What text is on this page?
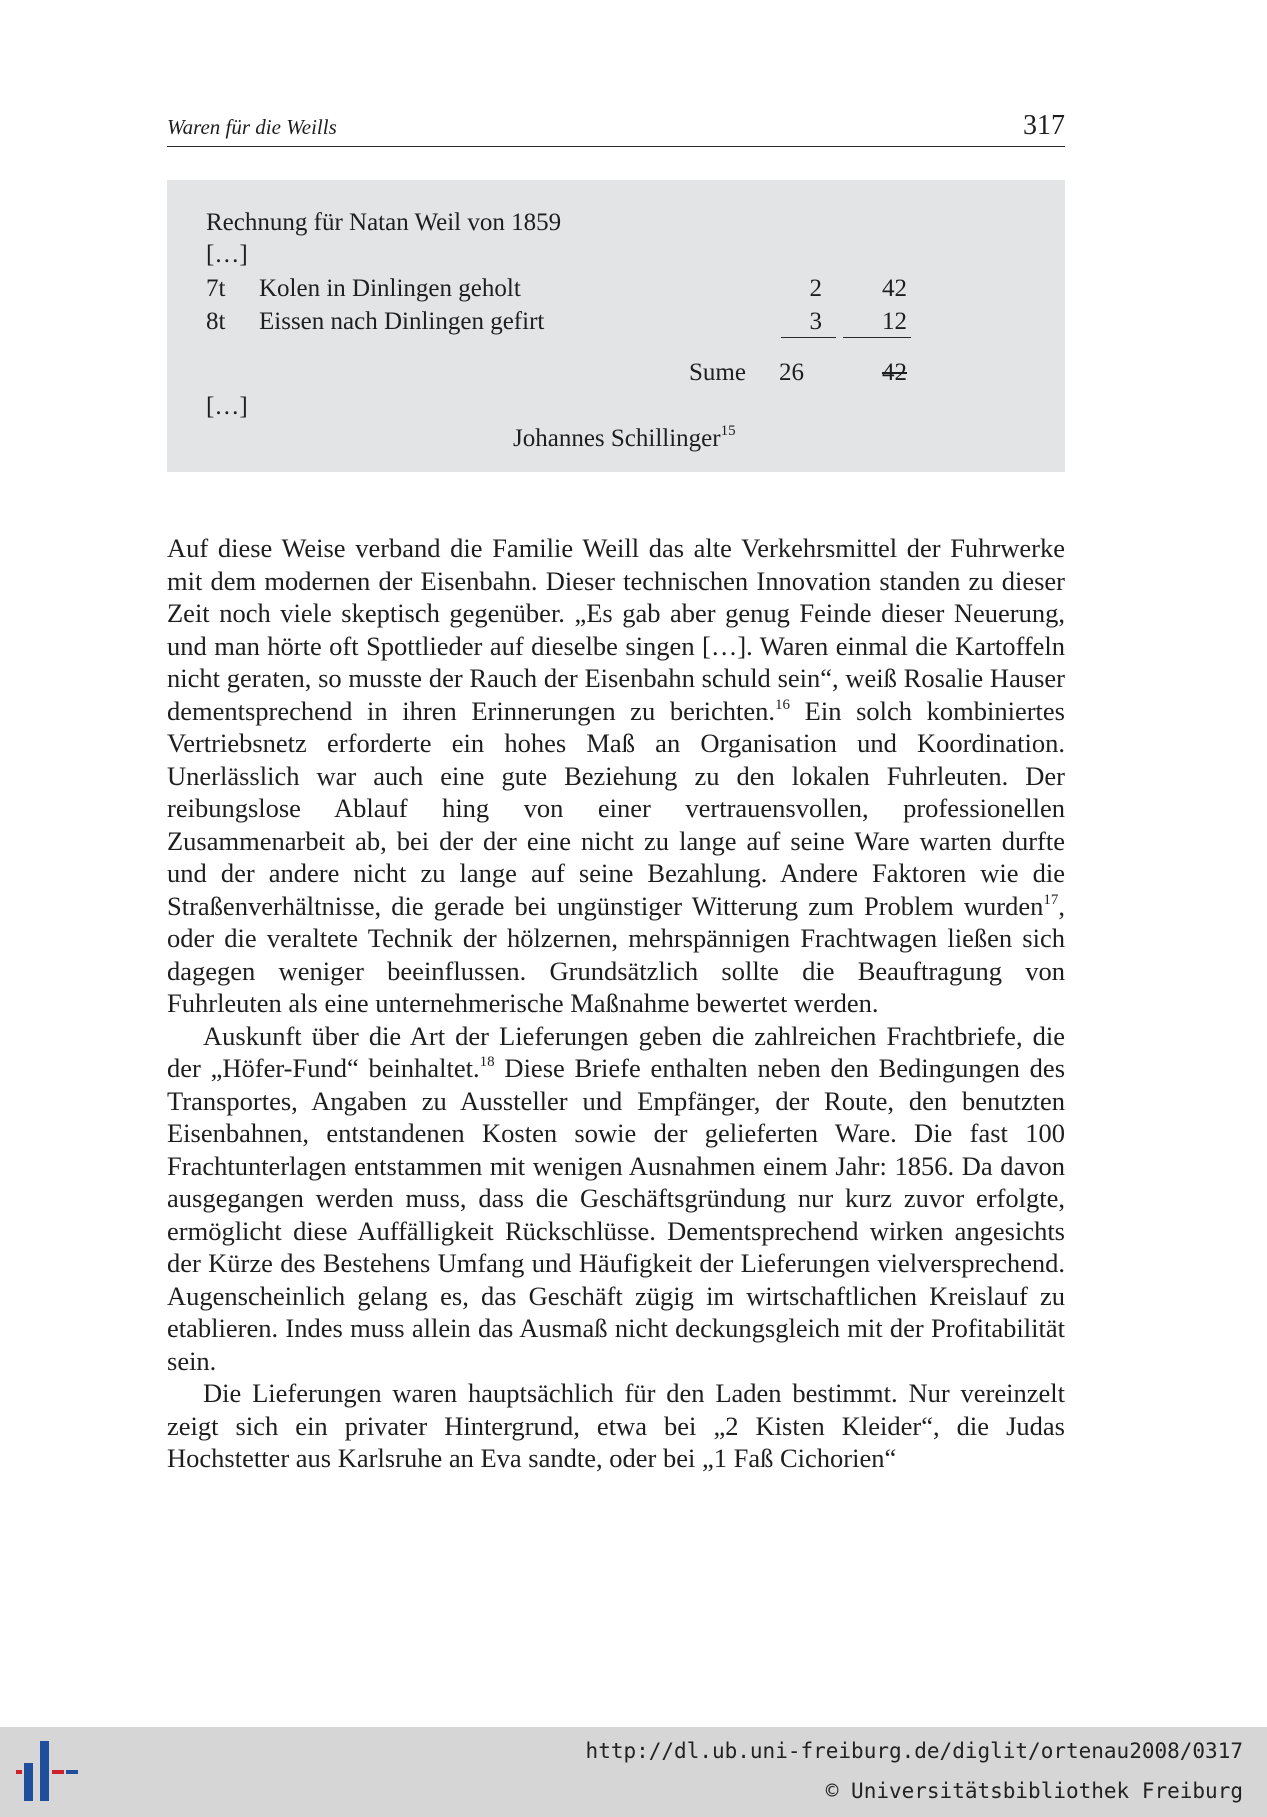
Waren für die Weills	317
Rechnung für Natan Weil von 1859
[…]
7t Kolen in Dinlingen geholt	2	42
8t Eissen nach Dinlingen gefirt	3	12
Sume 26	42
[…]
Johannes Schillinger$^{15}$

Auf diese Weise verband die Familie Weill das alte Verkehrsmittel der Fuhrwerke mit dem modernen der Eisenbahn. Dieser technischen Innovation standen zu dieser Zeit noch viele skeptisch gegenüber. „Es gab aber genug Feinde dieser Neuerung, und man hörte oft Spottlieder auf dieselbe singen […]. Waren einmal die Kartoffeln nicht geraten, so musste der Rauch der Eisenbahn schuld sein“, weiß Rosalie Hauser dementsprechend in ihren Erinnerungen zu berichten.$^{16}$ Ein solch kombiniertes Vertriebsnetz erforderte ein hohes Maß an Organisation und Koordination. Unerlässlich war auch eine gute Beziehung zu den lokalen Fuhrleuten. Der reibungslose Ablauf hing von einer vertrauensvollen, professionellen Zusammenarbeit ab, bei der der eine nicht zu lange auf seine Ware warten durfte und der andere nicht zu lange auf seine Bezahlung. Andere Faktoren wie die Straßenverhältnisse, die gerade bei ungünstiger Witterung zum Problem wurden$^{17}$, oder die veraltete Technik der hölzernen, mehrspännigen Frachtwagen ließen sich dagegen weniger beeinflussen. Grundsätzlich sollte die Beauftragung von Fuhrleuten als eine unternehmerische Maßnahme bewertet werden.

Auskunft über die Art der Lieferungen geben die zahlreichen Frachtbriefe, die der „Höfer-Fund“ beinhaltet.$^{18}$ Diese Briefe enthalten neben den Bedingungen des Transportes, Angaben zu Aussteller und Empfänger, der Route, den benutzten Eisenbahnen, entstandenen Kosten sowie der gelieferten Ware. Die fast 100 Frachtunterlagen entstammen mit wenigen Ausnahmen einem Jahr: 1856. Da davon ausgegangen werden muss, dass die Geschäftsgründung nur kurz zuvor erfolgte, ermöglicht diese Auffälligkeit Rückschlüsse. Dementsprechend wirken angesichts der Kürze des Bestehens Umfang und Häufigkeit der Lieferungen vielversprechend. Augenscheinlich gelang es, das Geschäft zügig im wirtschaftlichen Kreislauf zu etablieren. Indes muss allein das Ausmaß nicht deckungsgleich mit der Profitabilität sein.

Die Lieferungen waren hauptsächlich für den Laden bestimmt. Nur vereinzelt zeigt sich ein privater Hintergrund, etwa bei „2 Kisten Kleider“, die Judas Hochstetter aus Karlsruhe an Eva sandte, oder bei „1 Faß Cichorien“

http://dl.ub.uni-freiburg.de/diglit/ortenau2008/0317
© Universitätsbibliothek Freiburg
